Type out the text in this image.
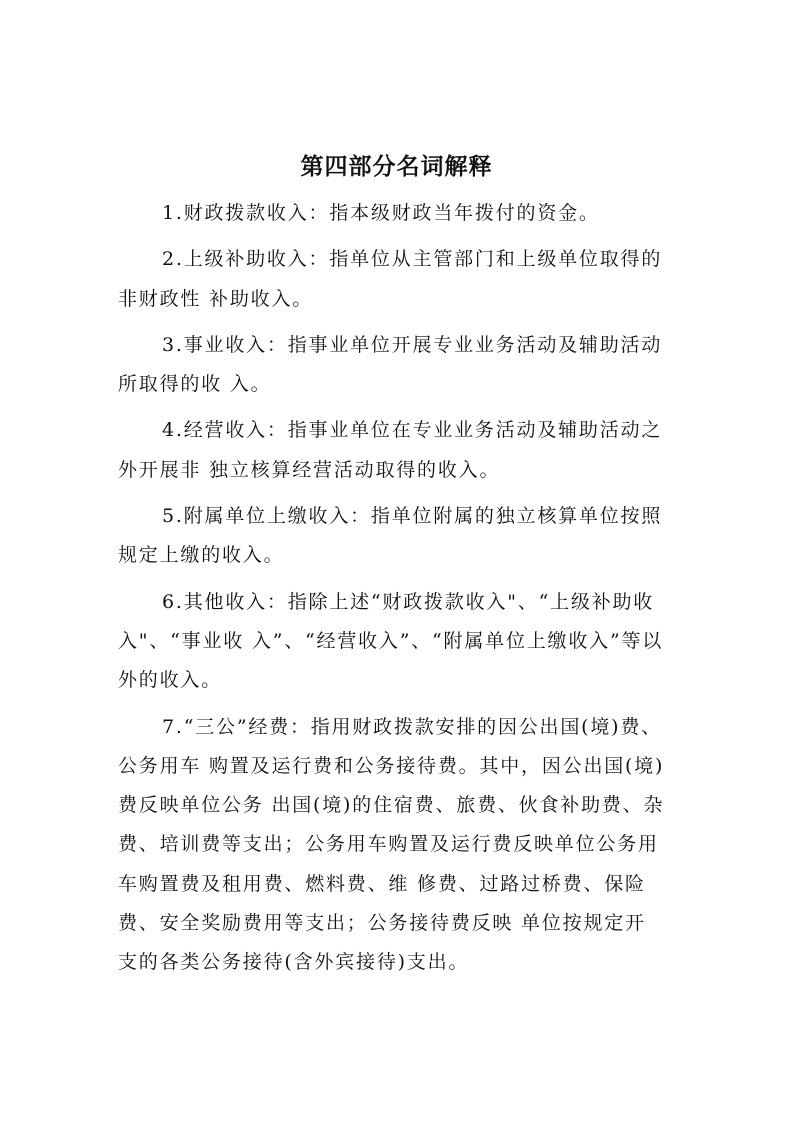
第四部分名词解释

1.财政拨款收入：指本级财政当年拨付的资金。

2.上级补助收入：指单位从主管部门和上级单位取得的非财政性 补助收入。

3.事业收入：指事业单位开展专业业务活动及辅助活动所取得的收 入。

4.经营收入：指事业单位在专业业务活动及辅助活动之外开展非 独立核算经营活动取得的收入。

5.附属单位上缴收入：指单位附属的独立核算单位按照规定上缴的收入。

6.其他收入：指除上述“财政拨款收入"、“上级补助收入"、“事业收 入”、“经营收入”、“附属单位上缴收入”等以外的收入。

7.“三公”经费：指用财政拨款安排的因公出国(境)费、公务用车 购置及运行费和公务接待费。其中，因公出国(境)费反映单位公务 出国(境)的住宿费、旅费、伙食补助费、杂费、培训费等支出；公务用车购置及运行费反映单位公务用车购置费及租用费、燃料费、维 修费、过路过桥费、保险费、安全奖励费用等支出；公务接待费反映 单位按规定开支的各类公务接待(含外宾接待)支出。
